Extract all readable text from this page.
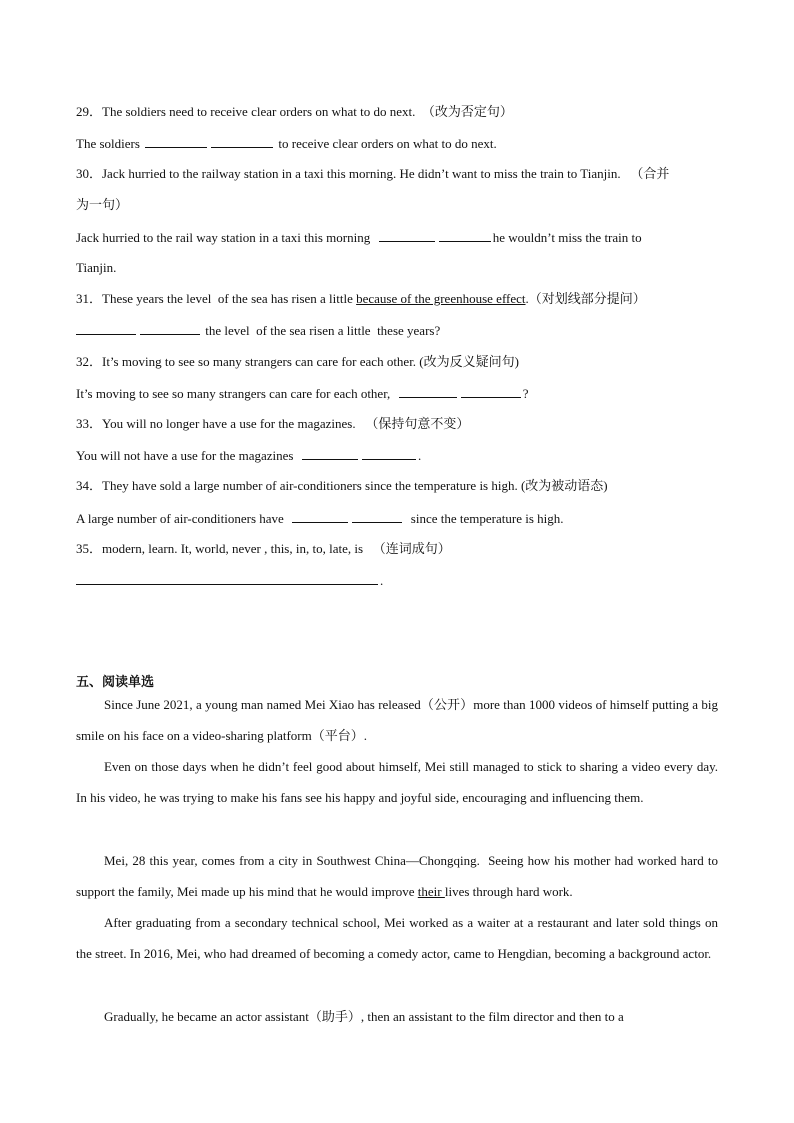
29．The soldiers need to receive clear orders on what to do next.  （改为否定句）
The soldiers	to receive clear orders on what to do next.
30．Jack hurried to the railway station in a taxi this morning. He didn’t want to miss the train to Tianjin.   （合并
为一句）
Jack hurried to the rail way station in a taxi this morning	he wouldn’t miss the train to
Tianjin.
31．These years the level  of the sea has risen a little because of the greenhouse effect.（对划线部分提问）
the level  of the sea risen a little  these years?
32．It’s moving to see so many strangers can care for each other. (改为反义疑问句)
It’s moving to see so many strangers can care for each other,	?
33．You will no longer have a use for the magazines.   （保持句意不变）
You will not have a use for the magazines	.
34．They have sold a large number of air-conditioners since the temperature is high. (改为被动语态)
A large number of air-conditioners have	since the temperature is high.
35．modern, learn. It, world, never , this, in, to, late, is   （连词成句）
.
五、阅读单选
Since June 2021, a young man named Mei Xiao has released（公开）more than 1000 videos of himself putting a big smile on his face on a video-sharing platform（平台）.
Even on those days when he didn’t feel good about himself, Mei still managed to stick to sharing a video every day. In his video, he was trying to make his fans see his happy and joyful side, encouraging and influencing them.
Mei, 28 this year, comes from a city in Southwest China—Chongqing. Seeing how his mother had worked hard to support the family, Mei made up his mind that he would improve their lives through hard work.
After graduating from a secondary technical school, Mei worked as a waiter at a restaurant and later sold things on the street. In 2016, Mei, who had dreamed of becoming a comedy actor, came to Hengdian, becoming a background actor.
Gradually, he became an actor assistant（助手）, then an assistant to the film director and then to a
